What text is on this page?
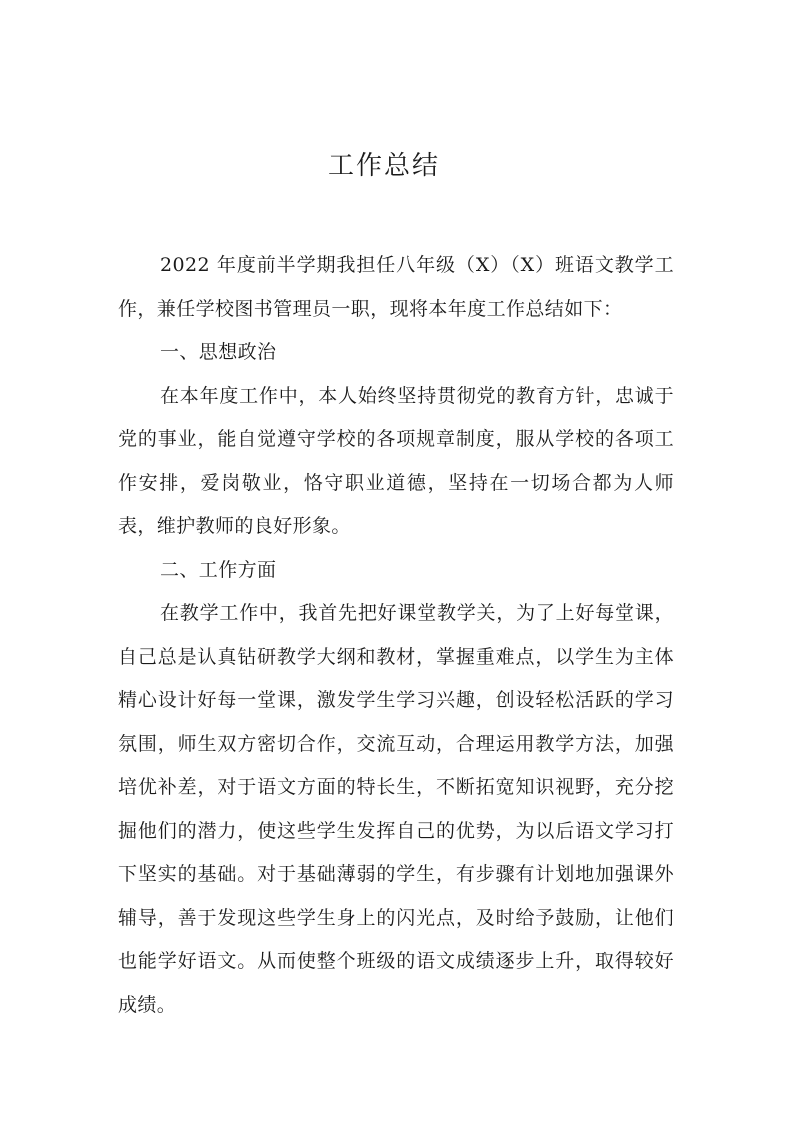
工作总结

2022 年度前半学期我担任八年级（X）（X）班语文教学工作，兼任学校图书管理员一职，现将本年度工作总结如下：

一、思想政治

在本年度工作中，本人始终坚持贯彻党的教育方针，忠诚于党的事业，能自觉遵守学校的各项规章制度，服从学校的各项工作安排，爱岗敬业，恪守职业道德，坚持在一切场合都为人师表，维护教师的良好形象。

二、工作方面

在教学工作中，我首先把好课堂教学关，为了上好每堂课，自己总是认真钻研教学大纲和教材，掌握重难点，以学生为主体精心设计好每一堂课，激发学生学习兴趣，创设轻松活跃的学习氛围，师生双方密切合作，交流互动，合理运用教学方法，加强培优补差，对于语文方面的特长生，不断拓宽知识视野，充分挖掘他们的潜力，使这些学生发挥自己的优势，为以后语文学习打下坚实的基础。对于基础薄弱的学生，有步骤有计划地加强课外辅导，善于发现这些学生身上的闪光点，及时给予鼓励，让他们也能学好语文。从而使整个班级的语文成绩逐步上升，取得较好成绩。
